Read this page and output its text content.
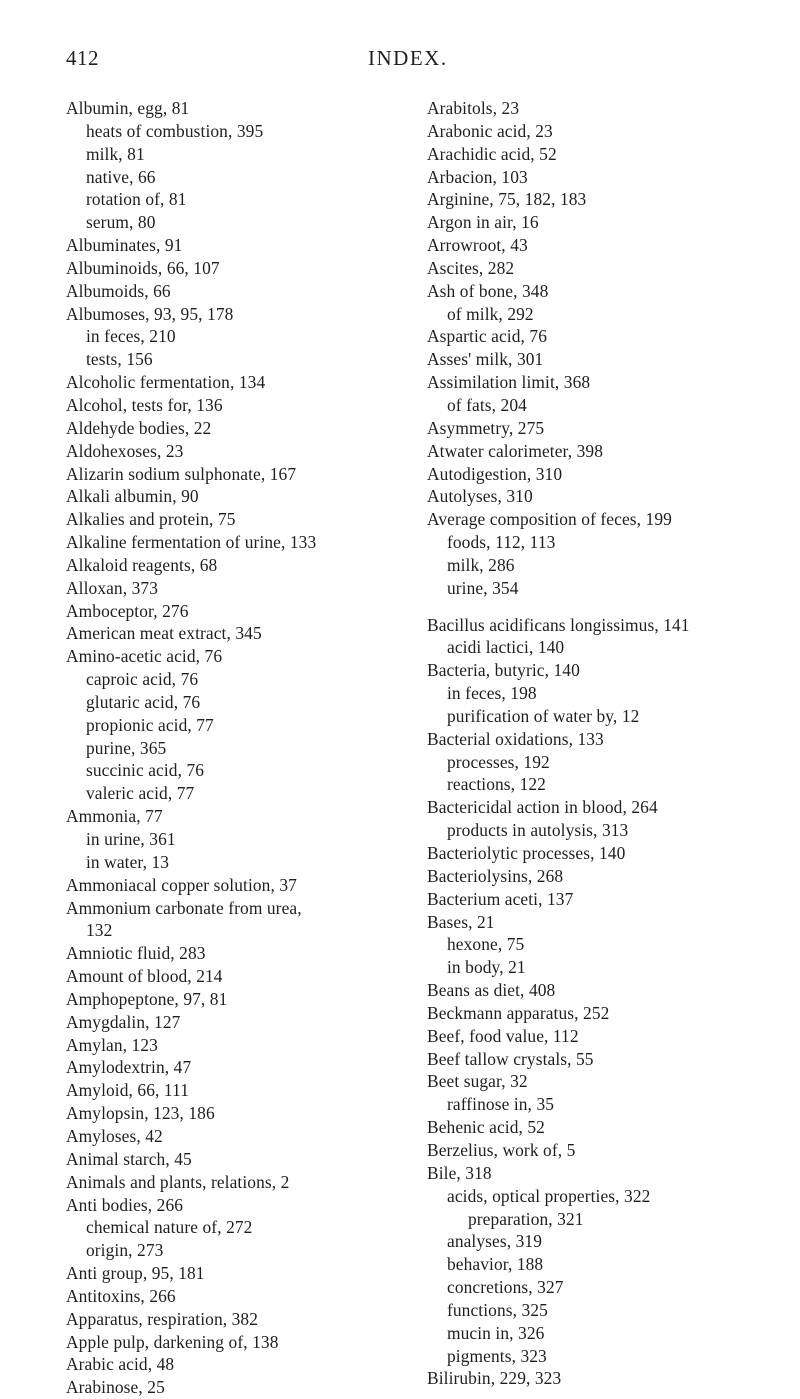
412	INDEX.
Albumin, egg, 81
heats of combustion, 395
milk, 81
native, 66
rotation of, 81
serum, 80
Albuminates, 91
Albuminoids, 66, 107
Albumoids, 66
Albumoses, 93, 95, 178
in feces, 210
tests, 156
Alcoholic fermentation, 134
Alcohol, tests for, 136
Aldehyde bodies, 22
Aldohexoses, 23
Alizarin sodium sulphonate, 167
Alkali albumin, 90
Alkalies and protein, 75
Alkaline fermentation of urine, 133
Alkaloid reagents, 68
Alloxan, 373
Amboceptor, 276
American meat extract, 345
Amino-acetic acid, 76
caproic acid, 76
glutaric acid, 76
propionic acid, 77
purine, 365
succinic acid, 76
valeric acid, 77
Ammonia, 77
in urine, 361
in water, 13
Ammoniacal copper solution, 37
Ammonium carbonate from urea,
132
Amniotic fluid, 283
Amount of blood, 214
Amphopeptone, 97, 81
Amygdalin, 127
Amylan, 123
Amylodextrin, 47
Amyloid, 66, 111
Amylopsin, 123, 186
Amyloses, 42
Animal starch, 45
Animals and plants, relations, 2
Anti bodies, 266
chemical nature of, 272
origin, 273
Anti group, 95, 181
Antitoxins, 266
Apparatus, respiration, 382
Apple pulp, darkening of, 138
Arabic acid, 48
Arabinose, 25
Arabitols, 23
Arabonic acid, 23
Arachidic acid, 52
Arbacion, 103
Arginine, 75, 182, 183
Argon in air, 16
Arrowroot, 43
Ascites, 282
Ash of bone, 348
of milk, 292
Aspartic acid, 76
Asses' milk, 301
Assimilation limit, 368
of fats, 204
Asymmetry, 275
Atwater calorimeter, 398
Autodigestion, 310
Autolyses, 310
Average composition of feces, 199
foods, 112, 113
milk, 286
urine, 354
Bacillus acidificans longissimus, 141
acidi lactici, 140
Bacteria, butyric, 140
in feces, 198
purification of water by, 12
Bacterial oxidations, 133
processes, 192
reactions, 122
Bactericidal action in blood, 264
products in autolysis, 313
Bacteriolytic processes, 140
Bacteriolysins, 268
Bacterium aceti, 137
Bases, 21
hexone, 75
in body, 21
Beans as diet, 408
Beckmann apparatus, 252
Beef, food value, 112
Beef tallow crystals, 55
Beet sugar, 32
raffinose in, 35
Behenic acid, 52
Berzelius, work of, 5
Bile, 318
acids, optical properties, 322
preparation, 321
analyses, 319
behavior, 188
concretions, 327
functions, 325
mucin in, 326
pigments, 323
Bilirubin, 229, 323
